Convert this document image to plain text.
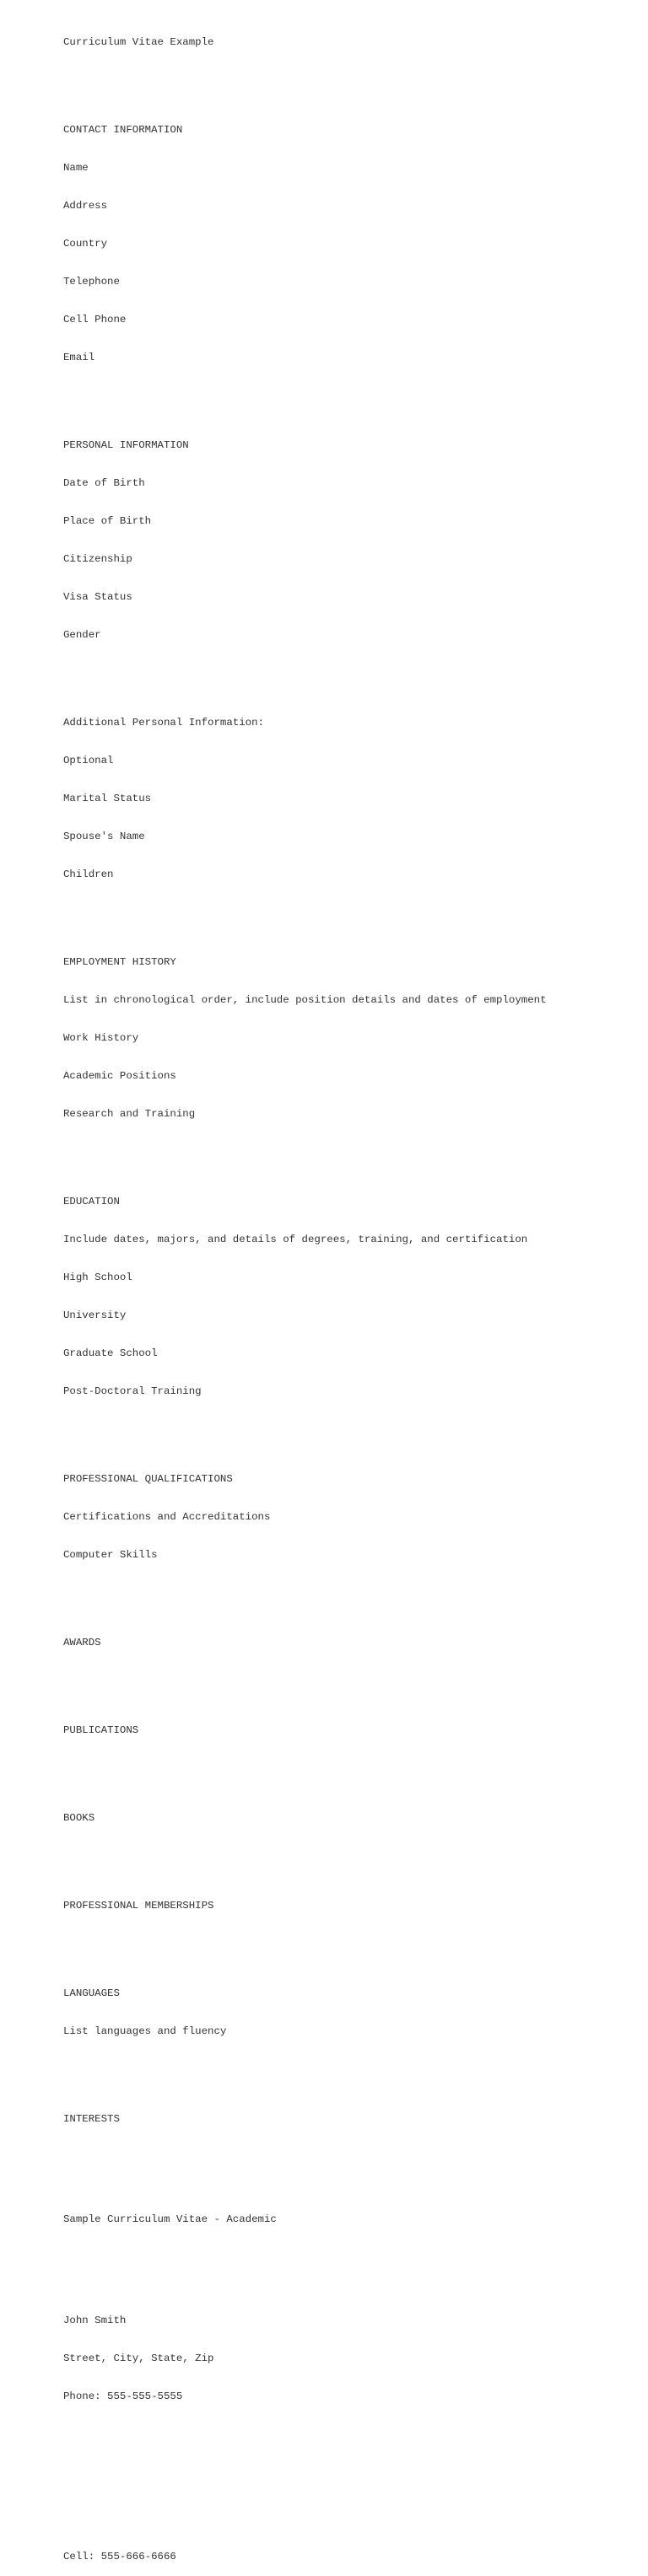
Curriculum Vitae Example

CONTACT INFORMATION

Name

Address

Country

Telephone

Cell Phone

Email

PERSONAL INFORMATION

Date of Birth

Place of Birth

Citizenship

Visa Status

Gender

Additional Personal Information:

Optional

Marital Status

Spouse's Name

Children

EMPLOYMENT HISTORY

List in chronological order, include position details and dates of employment

Work History

Academic Positions

Research and Training

EDUCATION

Include dates, majors, and details of degrees, training, and certification

High School

University

Graduate School

Post-Doctoral Training

PROFESSIONAL QUALIFICATIONS

Certifications and Accreditations

Computer Skills

AWARDS

PUBLICATIONS

BOOKS

PROFESSIONAL MEMBERSHIPS

LANGUAGES

List languages and fluency

INTERESTS

Sample Curriculum Vitae - Academic

John Smith

Street, City, State, Zip

Phone: 555-555-5555

Cell: 555-666-6666
